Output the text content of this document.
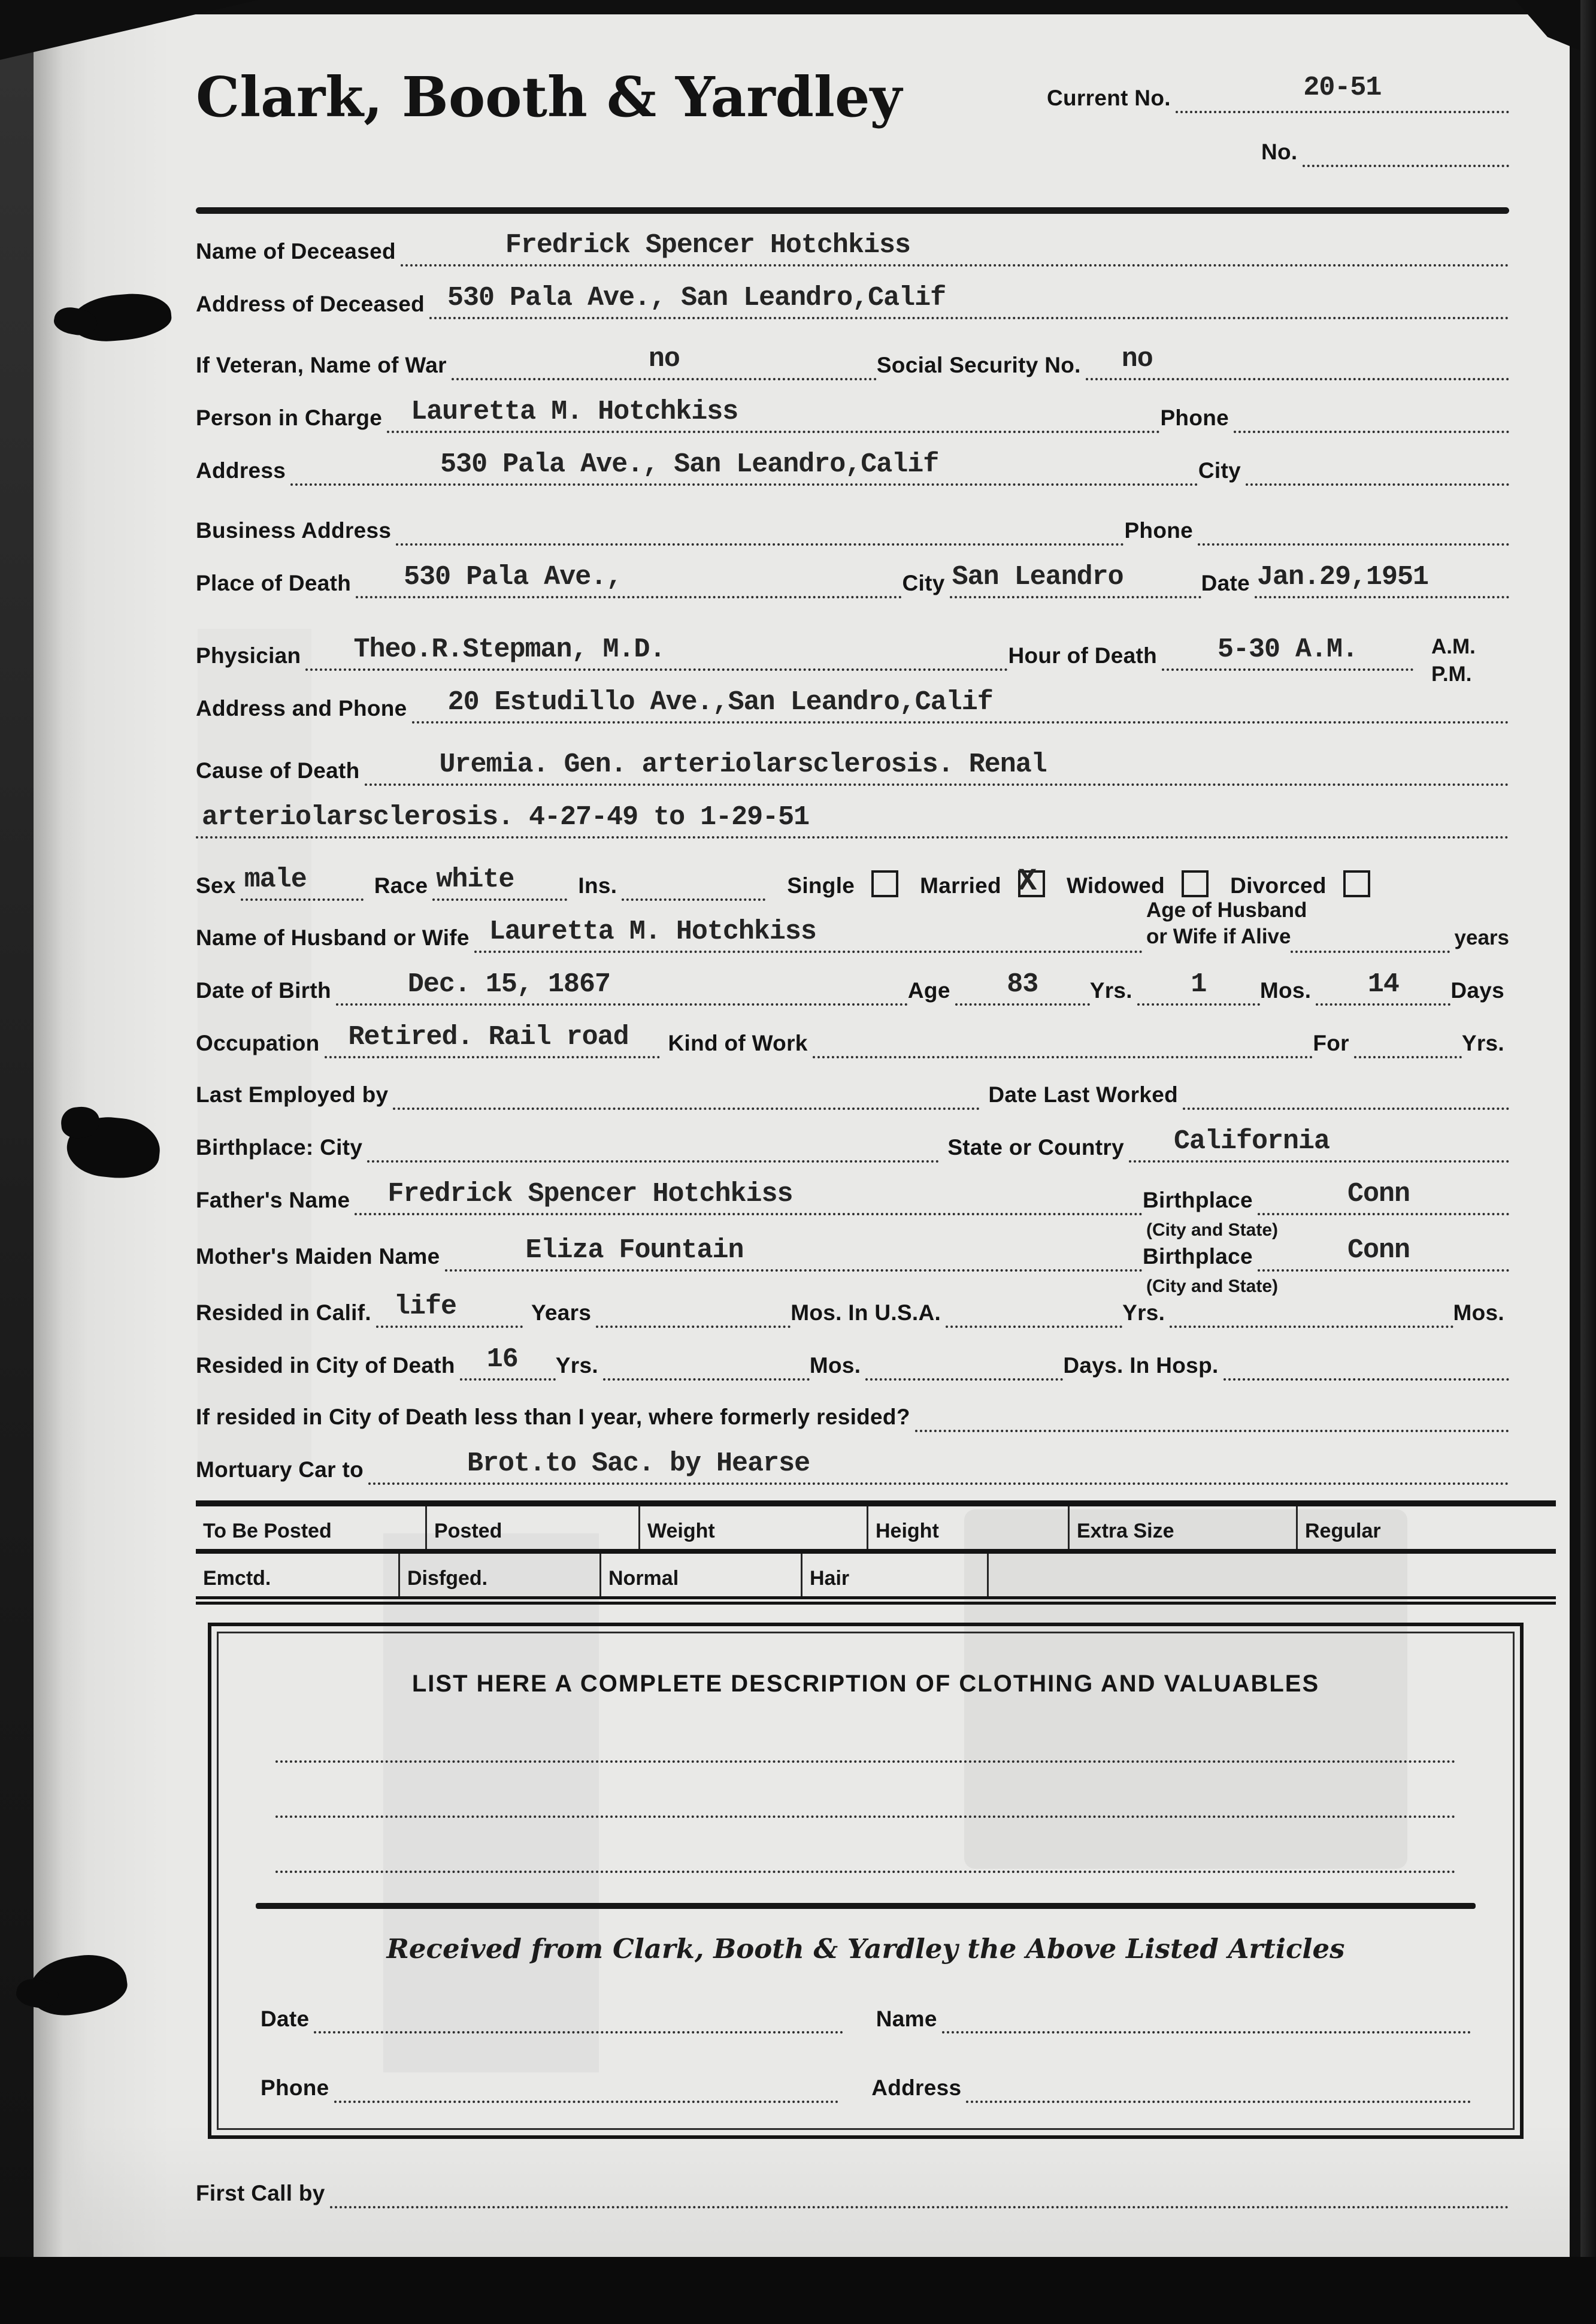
Clark, Booth & Yardley	Current No.	20-51
No.
Name of Deceased	Fredrick Spencer Hotchkiss
Address of Deceased 530 Pala Ave., San Leandro,Calif
If Veteran, Name of War	no	Social Security No. no
Person in Charge Lauretta M. Hotchkiss	Phone
Address	530 Pala Ave., San Leandro,Calif	City
Business Address	Phone
Place of Death 530 Pala Ave.,	City San Leandro	Date Jan.29,1951
Physician Theo.R.Stepman, M.D.	Hour of Death	5-30 A.M.	A.M.
P.M.
Address and Phone 20 Estudillo Ave.,San Leandro,Calif
Cause of Death	Uremia. Gen. arteriolarsclerosis. Renal
arteriolarsclerosis. 4-27-49 to 1-29-51
Sex male	Race white	Ins.	Single	Married X Widowed	Divorced
Name of Husband or Wife Lauretta M. Hotchkiss
Age of Husband
or Wife if Alive	years
Date of Birth	Dec. 15, 1867	Age	83	Yrs.	1	Mos.	14	Days
Occupation Retired. Rail road Kind of Work	For	Yrs.
Last Employed by	Date Last Worked
Birthplace: City	State or Country California
Father's Name Fredrick Spencer Hotchkiss	Birthplace	Conn
(City and State)
Mother's Maiden Name	Eliza Fountain	Birthplace	Conn
(City and State)
Resided in Calif. life	Years	Mos. In U.S.A.	Yrs.	Mos.
Resided in City of Death 16 Yrs.	Mos.	Days. In Hosp.
If resided in City of Death less than I year, where formerly resided?
Mortuary Car to	Brot.to Sac. by Hearse
To Be Posted	Posted	Weight	Height	Extra Size	Regular
Emctd.	Disfged.	Normal	Hair
LIST HERE A COMPLETE DESCRIPTION OF CLOTHING AND VALUABLES
Received from Clark, Booth & Yardley the Above Listed Articles
Date	Name
Phone	Address
First Call by
